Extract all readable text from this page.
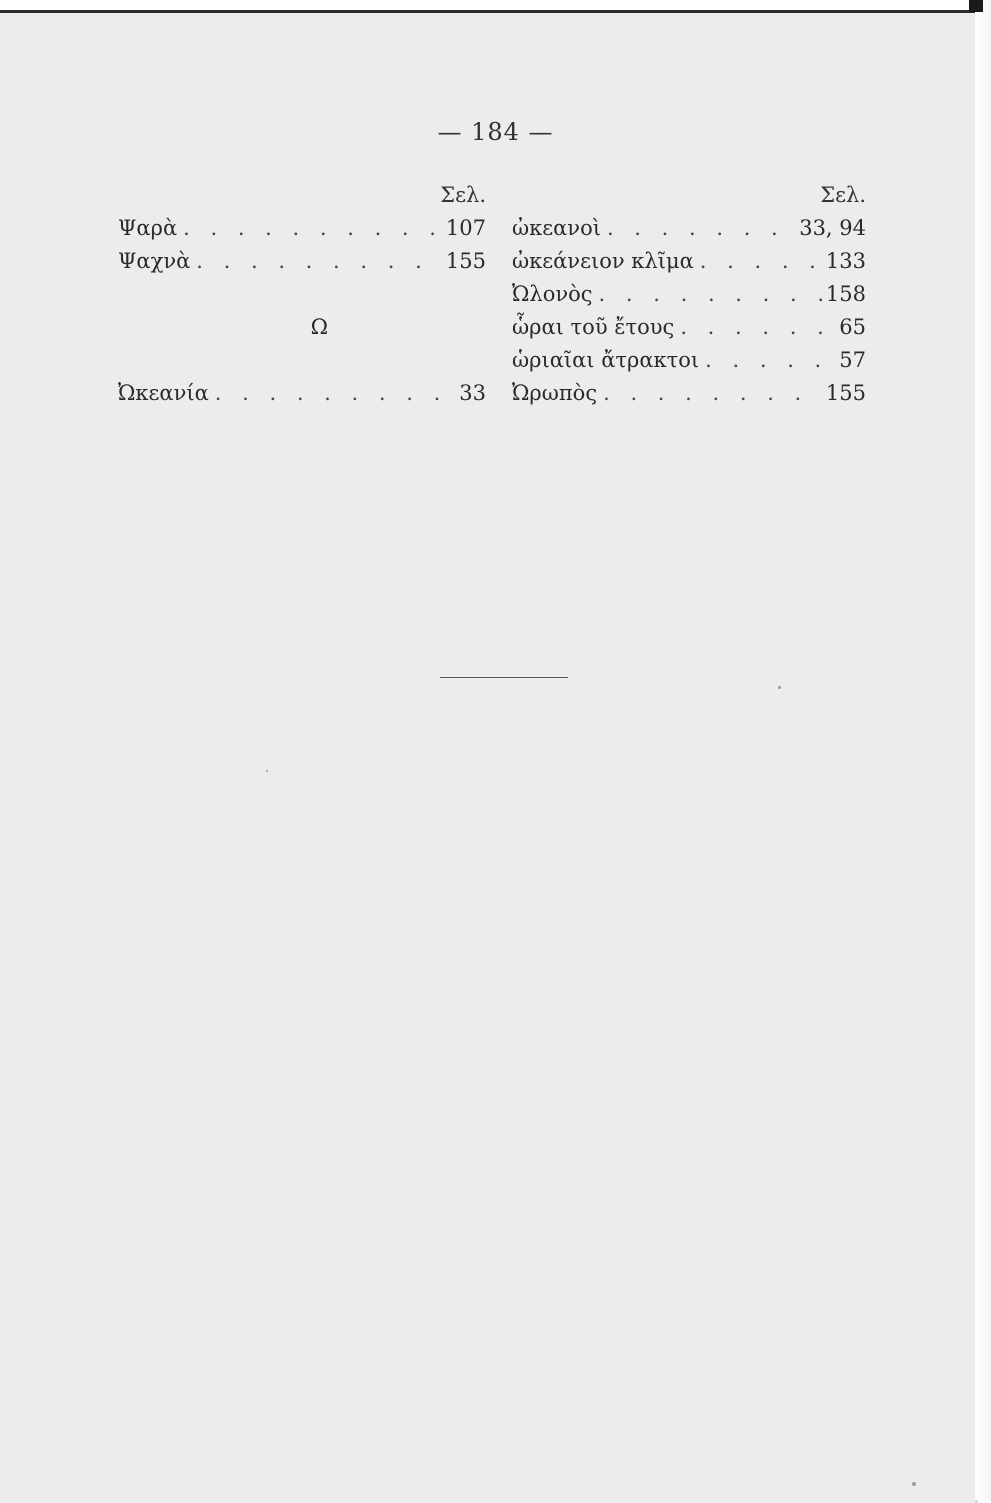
— 184 —
Σελ.
Ψαρὰ . . .	107
Ψαχνὰ . . .	155
Ω
Ὠκεανία . . .	33
Σελ.
ὠκεανοὶ . . .	33, 94
ὠκεάνειον κλῖμα . . .	133
Ὠλονὸς . . .	158
ὧραι τοῦ ἔτους . . .	65
ὡριαῖαι ἄτρακτοι . . .	57
Ὠρωπὸς . . .	155
